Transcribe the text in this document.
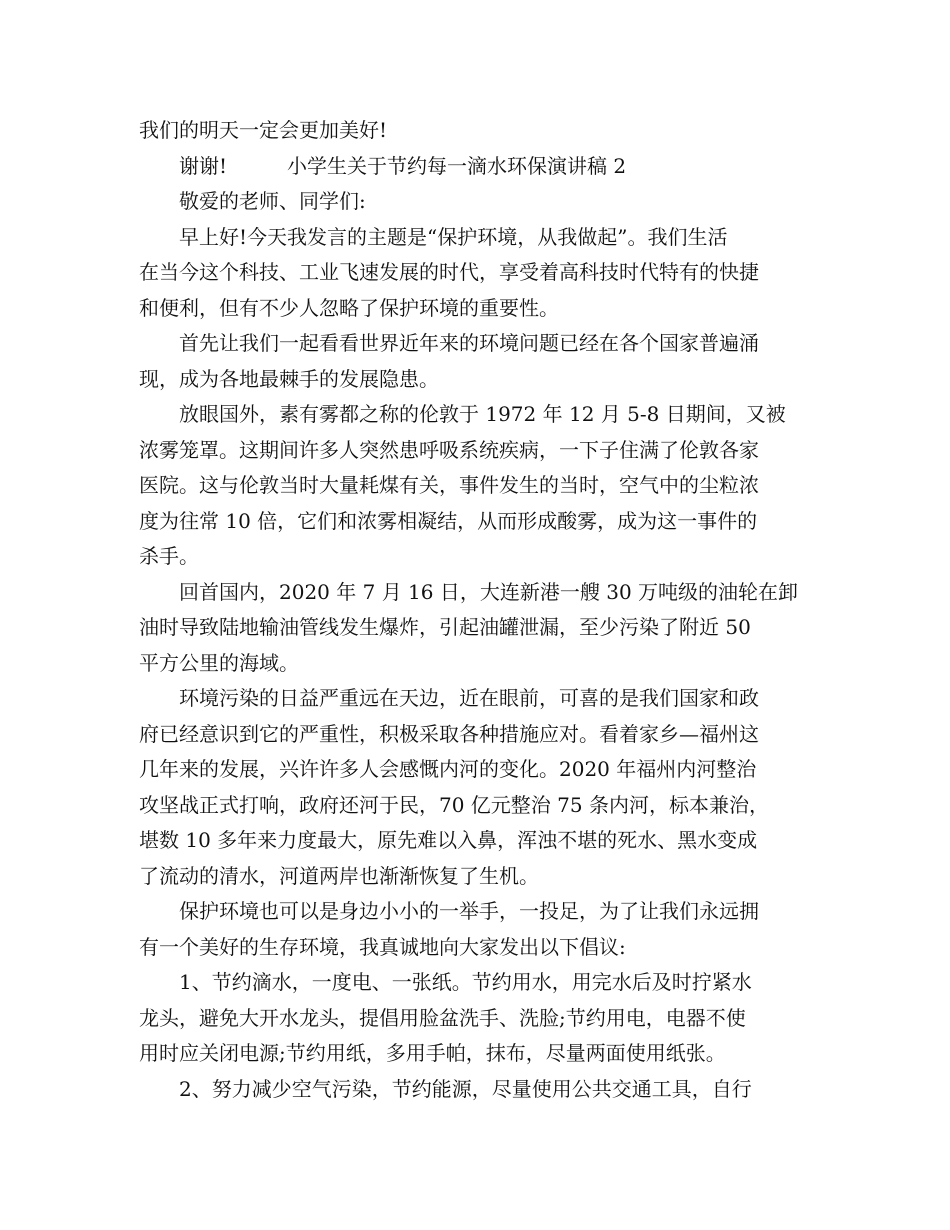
我们的明天一定会更加美好!
　　谢谢!　　　小学生关于节约每一滴水环保演讲稿 2
　　敬爱的老师、同学们:
　　早上好!今天我发言的主题是“保护环境，从我做起”。我们生活
在当今这个科技、工业飞速发展的时代，享受着高科技时代特有的快捷
和便利，但有不少人忽略了保护环境的重要性。
　　首先让我们一起看看世界近年来的环境问题已经在各个国家普遍涌
现，成为各地最棘手的发展隐患。
　　放眼国外，素有雾都之称的伦敦于 1972 年 12 月 5-8 日期间，又被
浓雾笼罩。这期间许多人突然患呼吸系统疾病，一下子住满了伦敦各家
医院。这与伦敦当时大量耗煤有关，事件发生的当时，空气中的尘粒浓
度为往常 10 倍，它们和浓雾相凝结，从而形成酸雾，成为这一事件的
杀手。
　　回首国内，2020 年 7 月 16 日，大连新港一艘 30 万吨级的油轮在卸
油时导致陆地输油管线发生爆炸，引起油罐泄漏，至少污染了附近 50
平方公里的海域。
　　环境污染的日益严重远在天边，近在眼前，可喜的是我们国家和政
府已经意识到它的严重性，积极采取各种措施应对。看着家乡—福州这
几年来的发展，兴许许多人会感慨内河的变化。2020 年福州内河整治
攻坚战正式打响，政府还河于民，70 亿元整治 75 条内河，标本兼治，
堪数 10 多年来力度最大，原先难以入鼻，浑浊不堪的死水、黑水变成
了流动的清水，河道两岸也渐渐恢复了生机。
　　保护环境也可以是身边小小的一举手，一投足，为了让我们永远拥
有一个美好的生存环境，我真诚地向大家发出以下倡议:
　　1、节约滴水，一度电、一张纸。节约用水，用完水后及时拧紧水
龙头，避免大开水龙头，提倡用脸盆洗手、洗脸;节约用电，电器不使
用时应关闭电源;节约用纸，多用手帕，抹布，尽量两面使用纸张。
　　2、努力减少空气污染，节约能源，尽量使用公共交通工具，自行
